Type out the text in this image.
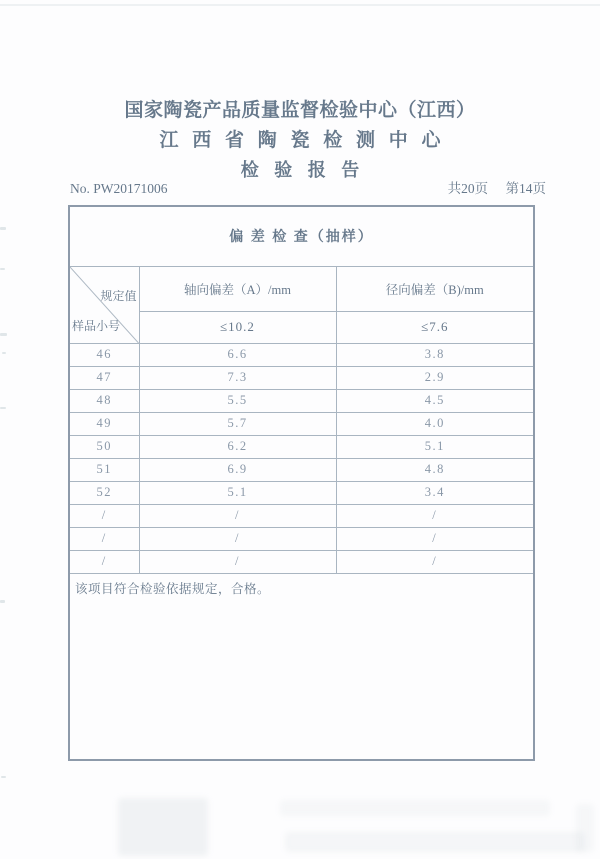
国家陶瓷产品质量监督检验中心（江西）
江 西 省 陶 瓷 检 测 中 心
检 验 报 告
No. PW20171006	共20页 第14页
偏 差 检 查（抽样）		

规定值
样品小号	轴向偏差（A）/mm	径向偏差（B)/mm
	≤10.2	≤7.6
46	6.6	3.8
47	7.3	2.9
48	5.5	4.5
49	5.7	4.0
50	6.2	5.1
51	6.9	4.8
52	5.1	3.4
/	/	/
/	/	/
/	/	/
该项目符合检验依据规定，合格。		
